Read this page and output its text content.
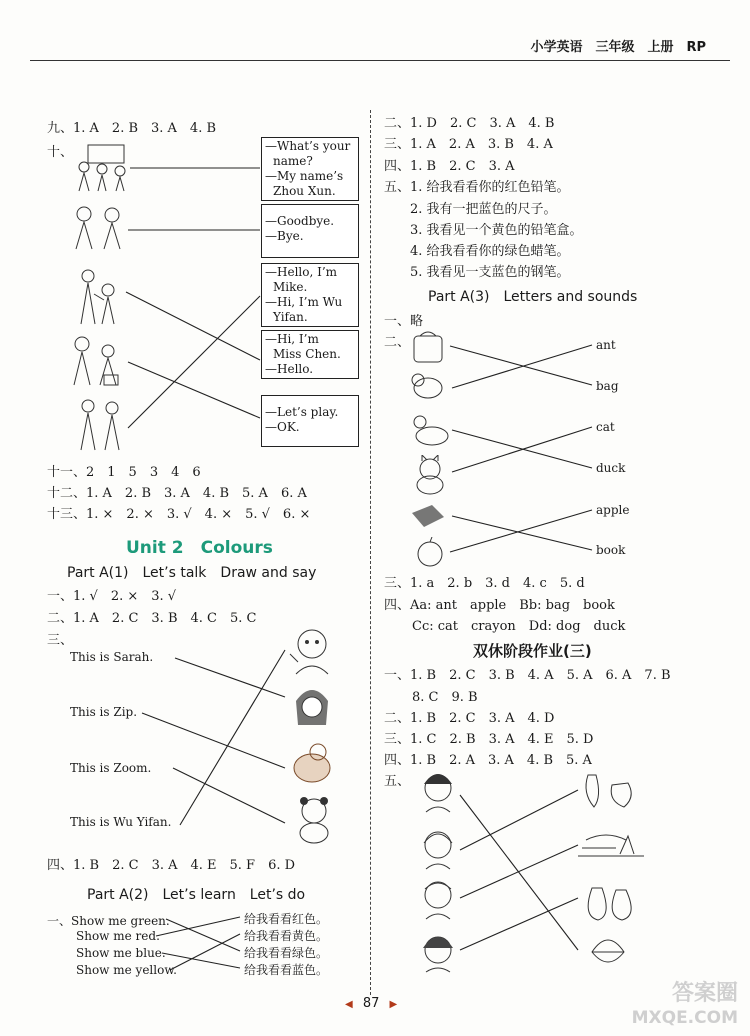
小学英语　三年级　上册　RP
九、1. A　2. B　3. A　4. B
十、	—What’s your
name?
—My name’s
Zhou Xun.
—Goodbye.
—Bye.
—Hello, I’m
Mike.
—Hi, I’m Wu
Yifan.
—Hi, I’m
Miss Chen.
—Hello.
—Let’s play.
—OK.
十一、2　1　5　3　4　6
十二、1. A　2. B　3. A　4. B　5. A　6. A
十三、1. ×　2. ×　3. √　4. ×　5. √　6. ×
Unit 2　Colours
Part A(1)　Let’s talk　Draw and say
一、1. √　2. ×　3. √
二、1. A　2. C　3. B　4. C　5. C
三、
This is Sarah.
This is Zip.
This is Zoom.
This is Wu Yifan.
四、1. B　2. C　3. A　4. E　5. F　6. D
Part A(2)　Let’s learn　Let’s do
一、Show me green.
Show me red.
Show me blue.
Show me yellow.
给我看看红色。
给我看看黄色。
给我看看绿色。
给我看看蓝色。
二、1. D　2. C　3. A　4. B
三、1. A　2. A　3. B　4. A
四、1. B　2. C　3. A
五、1. 给我看看你的红色铅笔。
2. 我有一把蓝色的尺子。
3. 我看见一个黄色的铅笔盒。
4. 给我看看你的绿色蜡笔。
5. 我看见一支蓝色的钢笔。
Part A(3)　Letters and sounds
一、略
二、	ant
bag
cat
duck
apple
book
三、1. a　2. b　3. d　4. c　5. d
四、Aa: ant　apple　Bb: bag　book
Cc: cat　crayon　Dd: dog　duck
双休阶段作业(三)
一、1. B　2. C　3. B　4. A　5. A　6. A　7. B
8. C　9. B
二、1. B　2. C　3. A　4. D
三、1. C　2. B　3. A　4. E　5. D
四、1. B　2. A　3. A　4. B　5. A
五、
◀ 87 ▶	答案圈
MXQE.COM
